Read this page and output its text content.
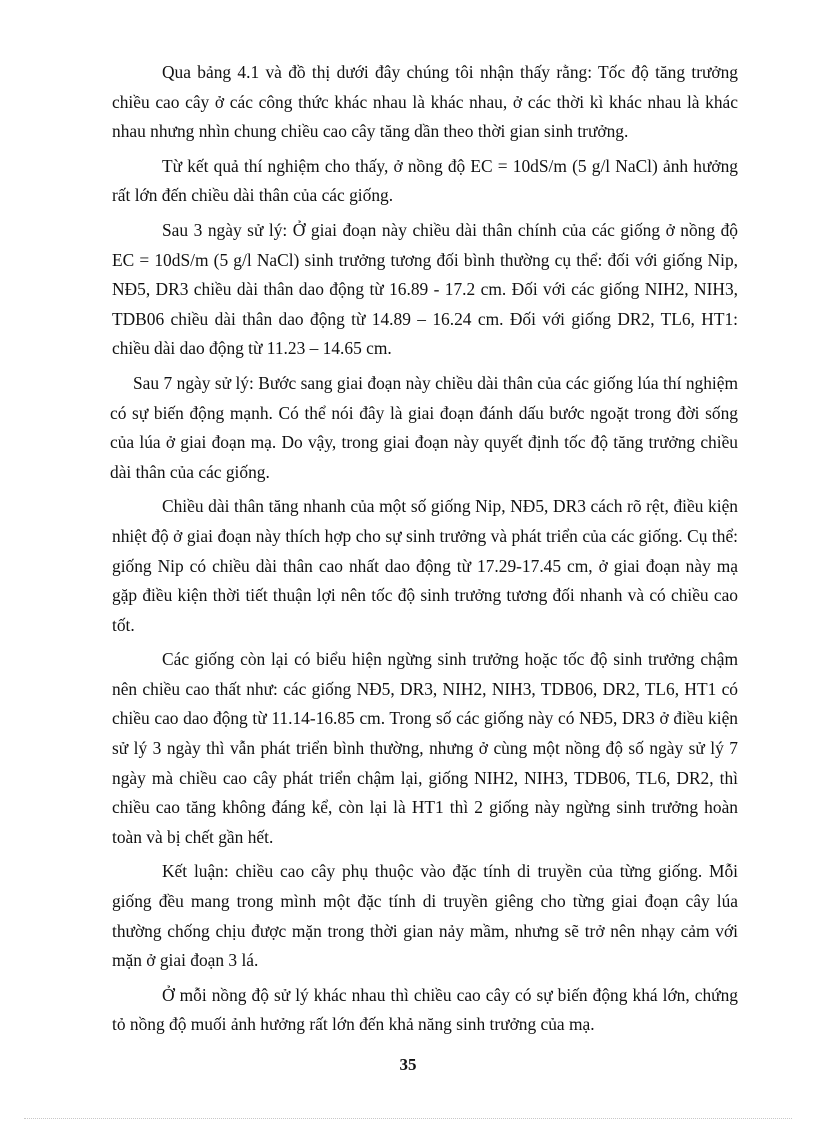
Qua bảng 4.1 và đồ thị dưới đây chúng tôi nhận thấy rằng: Tốc độ tăng trưởng chiều cao cây ở các công thức khác nhau là khác nhau, ở các thời kì khác nhau là khác nhau nhưng nhìn chung chiều cao cây tăng dần theo thời gian sinh trưởng.

Từ kết quả thí nghiệm cho thấy, ở nồng độ EC = 10dS/m (5 g/l NaCl) ảnh hưởng rất lớn đến chiều dài thân của các giống.

Sau 3 ngày sử lý: Ở giai đoạn này chiều dài thân chính của các giống ở nồng độ EC = 10dS/m (5 g/l NaCl) sinh trưởng tương đối bình thường cụ thể: đối với giống Nip, NĐ5, DR3 chiều dài thân dao động từ 16.89 - 17.2 cm. Đối với các giống NIH2, NIH3, TDB06 chiều dài thân dao động từ 14.89 – 16.24 cm. Đối với giống DR2, TL6, HT1: chiều dài dao động từ 11.23 – 14.65 cm.

Sau 7 ngày sử lý: Bước sang giai đoạn này chiều dài thân của các giống lúa thí nghiệm có sự biến động mạnh. Có thể nói đây là giai đoạn đánh dấu bước ngoặt trong đời sống của lúa ở giai đoạn mạ. Do vậy, trong giai đoạn này quyết định tốc độ tăng trưởng chiều dài thân của các giống.

Chiều dài thân tăng nhanh của một số giống Nip, NĐ5, DR3 cách rõ rệt, điều kiện nhiệt độ ở giai đoạn này thích hợp cho sự sinh trưởng và phát triển của các giống. Cụ thể: giống Nip có chiều dài thân cao nhất dao động từ 17.29-17.45 cm, ở giai đoạn này mạ gặp điều kiện thời tiết thuận lợi nên tốc độ sinh trưởng tương đối nhanh và có chiều cao tốt.

Các giống còn lại có biểu hiện ngừng sinh trưởng hoặc tốc độ sinh trưởng chậm nên chiều cao thất như: các giống NĐ5, DR3, NIH2, NIH3, TDB06, DR2, TL6, HT1 có chiều cao dao động từ 11.14-16.85 cm. Trong số các giống này có NĐ5, DR3 ở điều kiện sử lý 3 ngày thì vẫn phát triển bình thường, nhưng ở cùng một nồng độ số ngày sử lý 7 ngày mà chiều cao cây phát triển chậm lại, giống NIH2, NIH3, TDB06, TL6, DR2, thì chiều cao tăng không đáng kể, còn lại là HT1 thì 2 giống này ngừng sinh trưởng hoàn toàn và bị chết gần hết.

Kết luận: chiều cao cây phụ thuộc vào đặc tính di truyền của từng giống. Mỗi giống đều mang trong mình một đặc tính di truyền giêng cho từng giai đoạn cây lúa thường chống chịu được mặn trong thời gian nảy mầm, nhưng sẽ trở nên nhạy cảm với mặn ở giai đoạn 3 lá.

Ở mỗi nồng độ sử lý khác nhau thì chiều cao cây có sự biến động khá lớn, chứng tỏ nồng độ muối ảnh hưởng rất lớn đến khả năng sinh trưởng của mạ.

35
